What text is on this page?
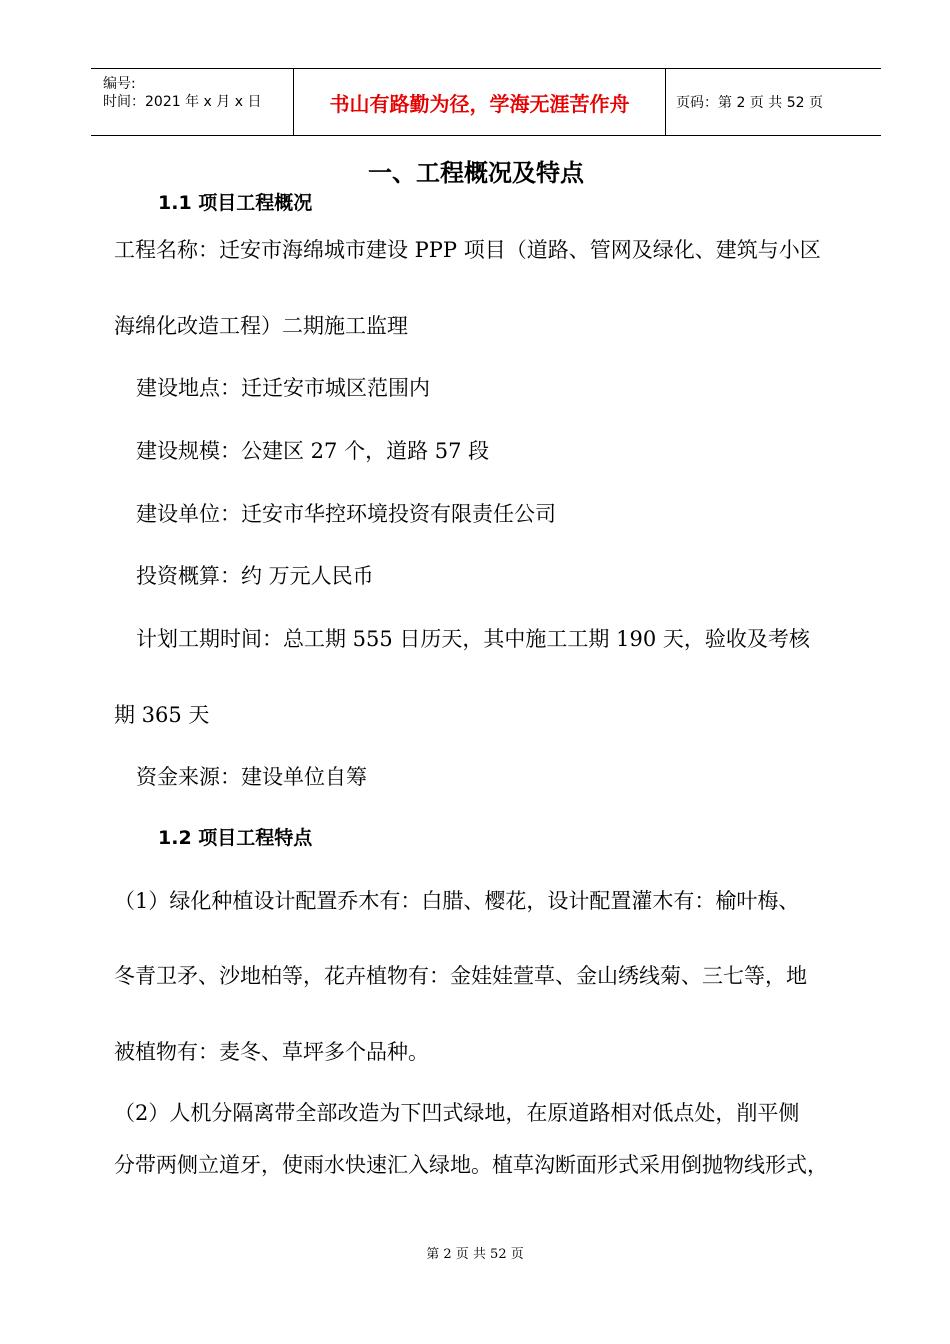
编号:
时间：2021 年 x 月 x 日	书山有路勤为径，学海无涯苦作舟	页码：第 2 页 共 52 页
一、工程概况及特点
1.1 项目工程概况
工程名称：迁安市海绵城市建设 PPP 项目（道路、管网及绿化、建筑与小区
海绵化改造工程）二期施工监理
建设地点：迁迁安市城区范围内
建设规模：公建区 27 个，道路 57 段
建设单位：迁安市华控环境投资有限责任公司
投资概算：约 万元人民币
计划工期时间：总工期 555 日历天，其中施工工期 190 天，验收及考核
期 365 天
资金来源：建设单位自筹
1.2 项目工程特点
（1）绿化种植设计配置乔木有：白腊、樱花，设计配置灌木有：榆叶梅、
冬青卫矛、沙地柏等，花卉植物有：金娃娃萱草、金山绣线菊、三七等，地
被植物有：麦冬、草坪多个品种。
（2）人机分隔离带全部改造为下凹式绿地，在原道路相对低点处，削平侧
分带两侧立道牙，使雨水快速汇入绿地。植草沟断面形式采用倒抛物线形式，
第 2 页 共 52 页
